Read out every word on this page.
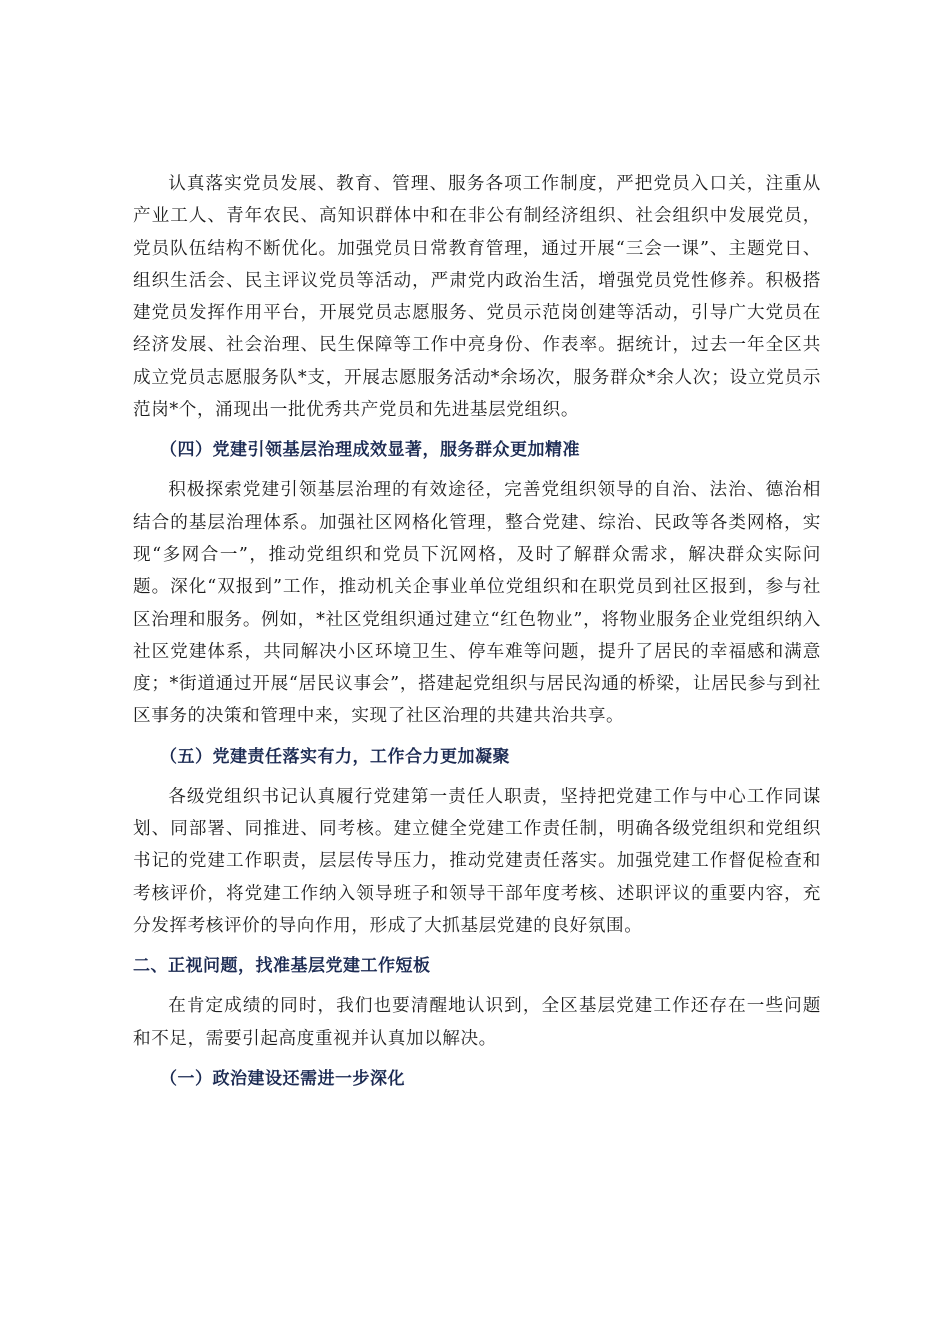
认真落实党员发展、教育、管理、服务各项工作制度，严把党员入口关，注重从产业工人、青年农民、高知识群体中和在非公有制经济组织、社会组织中发展党员，党员队伍结构不断优化。加强党员日常教育管理，通过开展“三会一课”、主题党日、组织生活会、民主评议党员等活动，严肃党内政治生活，增强党员党性修养。积极搭建党员发挥作用平台，开展党员志愿服务、党员示范岗创建等活动，引导广大党员在经济发展、社会治理、民生保障等工作中亮身份、作表率。据统计，过去一年全区共成立党员志愿服务队*支，开展志愿服务活动*余场次，服务群众*余人次；设立党员示范岗*个，涌现出一批优秀共产党员和先进基层党组织。

（四）党建引领基层治理成效显著，服务群众更加精准

积极探索党建引领基层治理的有效途径，完善党组织领导的自治、法治、德治相结合的基层治理体系。加强社区网格化管理，整合党建、综治、民政等各类网格，实现“多网合一”，推动党组织和党员下沉网格，及时了解群众需求，解决群众实际问题。深化“双报到”工作，推动机关企事业单位党组织和在职党员到社区报到，参与社区治理和服务。例如，*社区党组织通过建立“红色物业”，将物业服务企业党组织纳入社区党建体系，共同解决小区环境卫生、停车难等问题，提升了居民的幸福感和满意度；*街道通过开展“居民议事会”，搭建起党组织与居民沟通的桥梁，让居民参与到社区事务的决策和管理中来，实现了社区治理的共建共治共享。

（五）党建责任落实有力，工作合力更加凝聚

各级党组织书记认真履行党建第一责任人职责，坚持把党建工作与中心工作同谋划、同部署、同推进、同考核。建立健全党建工作责任制，明确各级党组织和党组织书记的党建工作职责，层层传导压力，推动党建责任落实。加强党建工作督促检查和考核评价，将党建工作纳入领导班子和领导干部年度考核、述职评议的重要内容，充分发挥考核评价的导向作用，形成了大抓基层党建的良好氛围。

二、正视问题，找准基层党建工作短板

在肯定成绩的同时，我们也要清醒地认识到，全区基层党建工作还存在一些问题和不足，需要引起高度重视并认真加以解决。

（一）政治建设还需进一步深化
